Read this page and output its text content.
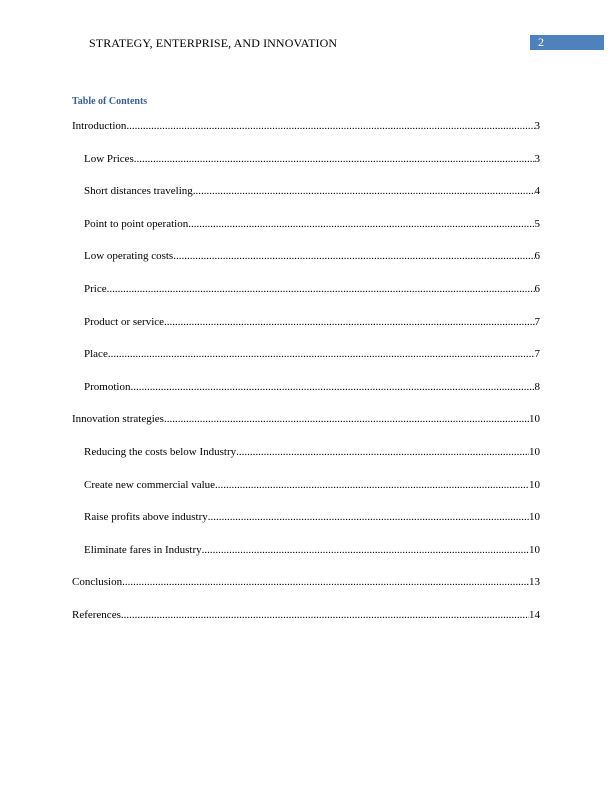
STRATEGY, ENTERPRISE, AND INNOVATION	2
Table of Contents
Introduction .....	3
Low Prices .....	3
Short distances traveling .....	4
Point to point operation .....	5
Low operating costs .....	6
Price .....	6
Product or service .....	7
Place .....	7
Promotion .....	8
Innovation strategies .....	10
Reducing the costs below Industry .....	10
Create new commercial value .....	10
Raise profits above industry .....	10
Eliminate fares in Industry .....	10
Conclusion .....	13
References .....	14
